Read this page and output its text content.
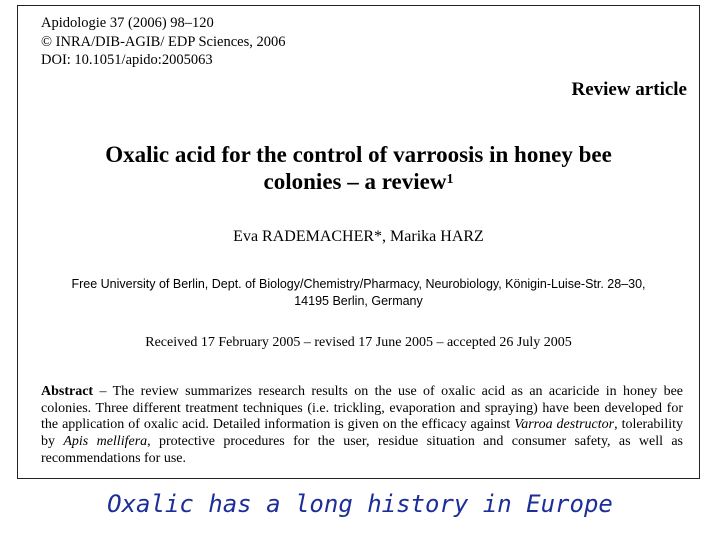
Apidologie 37 (2006) 98–120
© INRA/DIB-AGIB/ EDP Sciences, 2006
DOI: 10.1051/apido:2005063
Review article
Oxalic acid for the control of varroosis in honey bee
colonies – a review$^1$
Eva RADEMACHER*, Marika HARZ
Free University of Berlin, Dept. of Biology/Chemistry/Pharmacy, Neurobiology, Königin-Luise-Str. 28–30,
14195 Berlin, Germany
Received 17 February 2005 – revised 17 June 2005 – accepted 26 July 2005
Abstract – The review summarizes research results on the use of oxalic acid as an acaricide in honey bee colonies. Three different treatment techniques (i.e. trickling, evaporation and spraying) have been developed for the application of oxalic acid. Detailed information is given on the efficacy against Varroa destructor, tolerability by Apis mellifera, protective procedures for the user, residue situation and consumer safety, as well as recommendations for use.
Oxalic has a long history in Europe
